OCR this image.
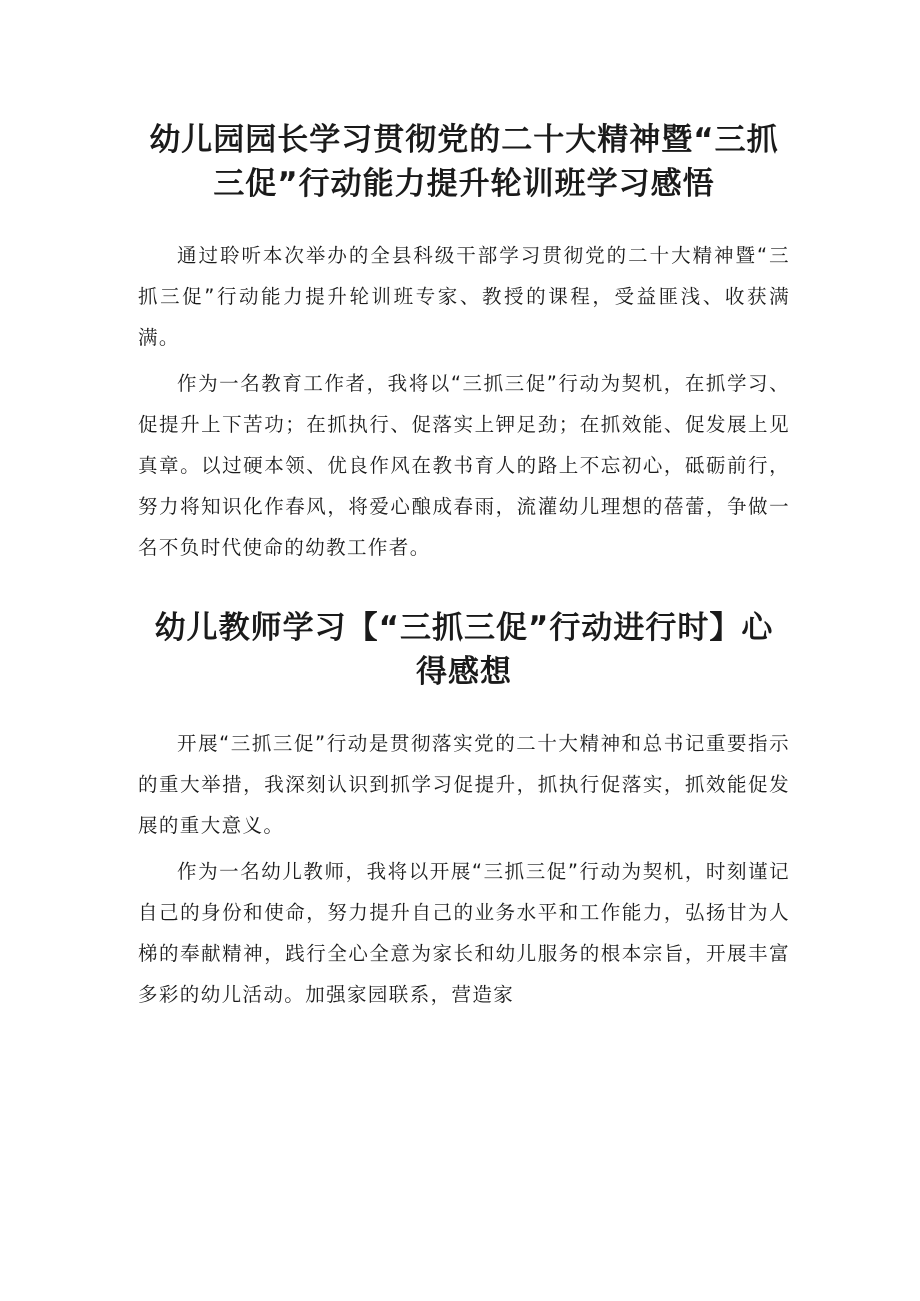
幼儿园园长学习贯彻党的二十大精神暨“三抓
三促”行动能力提升轮训班学习感悟

通过聆听本次举办的全县科级干部学习贯彻党的二十大精神暨“三抓三促”行动能力提升轮训班专家、教授的课程，受益匪浅、收获满满。

作为一名教育工作者，我将以“三抓三促”行动为契机，在抓学习、促提升上下苦功；在抓执行、促落实上钾足劲；在抓效能、促发展上见真章。以过硬本领、优良作风在教书育人的路上不忘初心，砥砺前行，努力将知识化作春风，将爱心酿成春雨，流灌幼儿理想的蓓蕾，争做一名不负时代使命的幼教工作者。

幼儿教师学习【“三抓三促”行动进行时】心
得感想

开展“三抓三促”行动是贯彻落实党的二十大精神和总书记重要指示的重大举措，我深刻认识到抓学习促提升，抓执行促落实，抓效能促发展的重大意义。

作为一名幼儿教师，我将以开展“三抓三促”行动为契机，时刻谨记自己的身份和使命，努力提升自己的业务水平和工作能力，弘扬甘为人梯的奉献精神，践行全心全意为家长和幼儿服务的根本宗旨，开展丰富多彩的幼儿活动。加强家园联系，营造家
